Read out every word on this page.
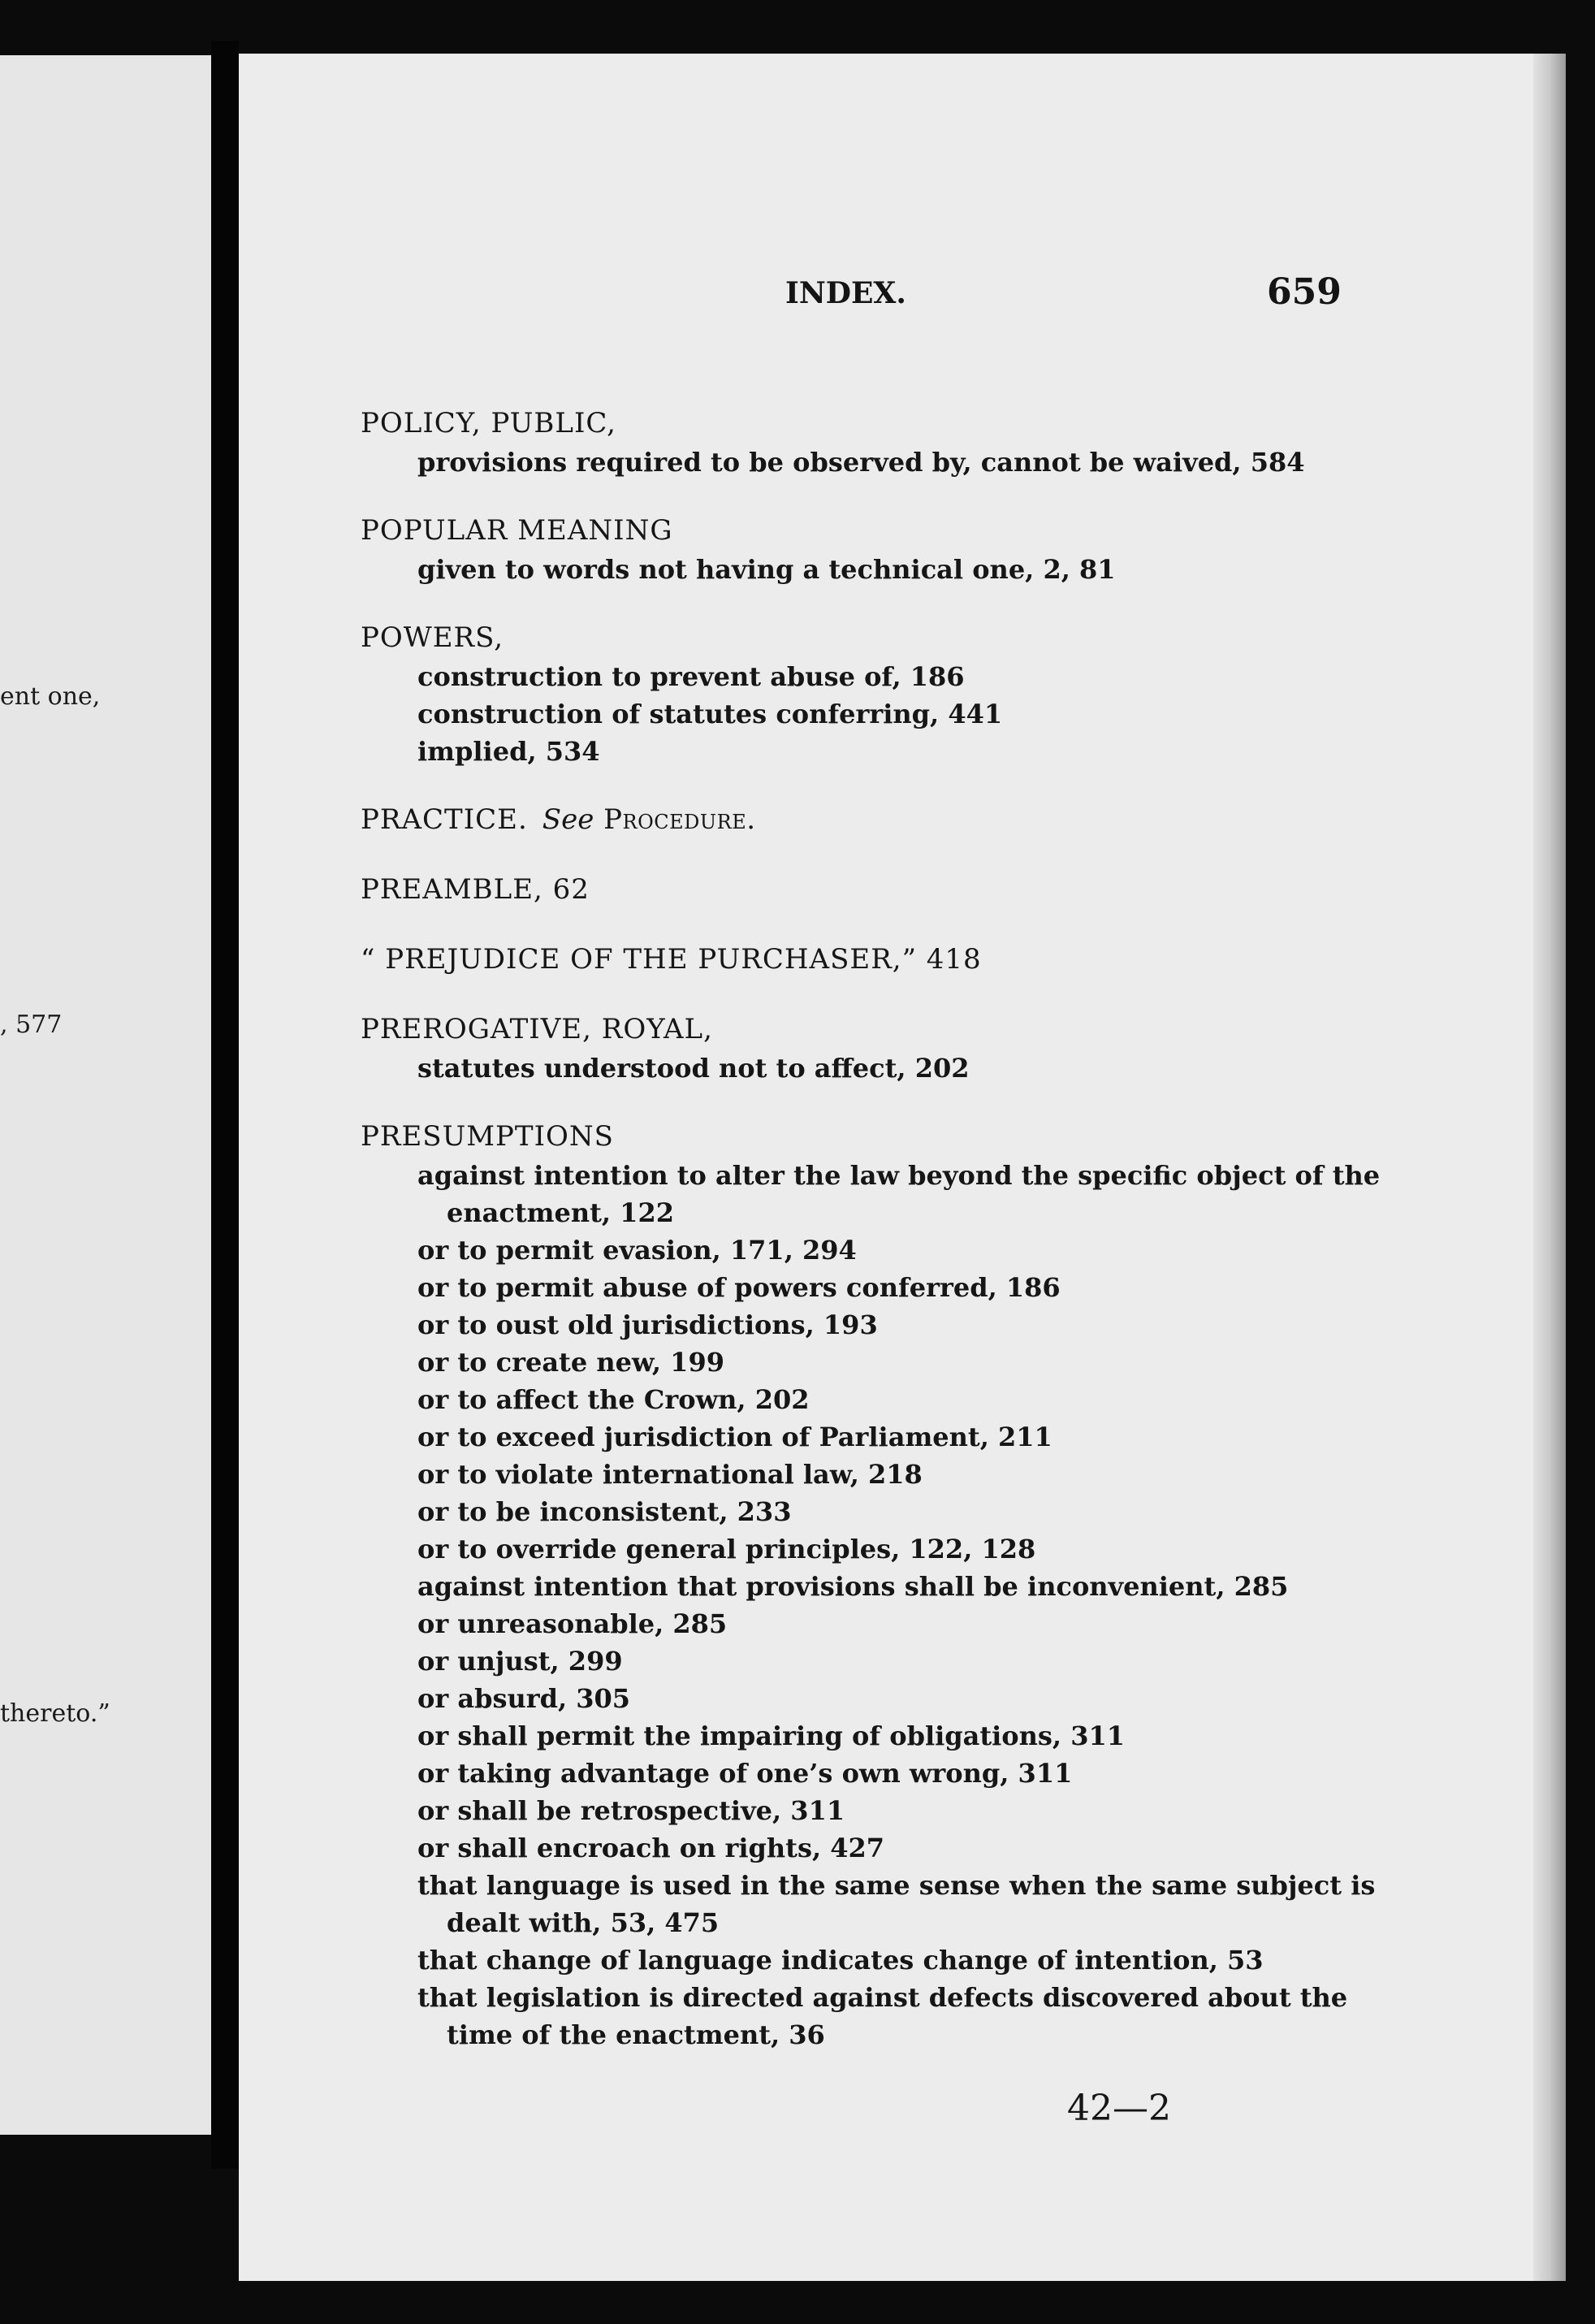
ent one,
, 577
thereto.”
INDEX.	659
POLICY, PUBLIC,
provisions required to be observed by, cannot be waived, 584
POPULAR MEANING
given to words not having a technical one, 2, 81
POWERS,
construction to prevent abuse of, 186
construction of statutes conferring, 441
implied, 534
PRACTICE. See Procedure.
PREAMBLE, 62
“ PREJUDICE OF THE PURCHASER,” 418
PREROGATIVE, ROYAL,
statutes understood not to affect, 202
PRESUMPTIONS
against intention to alter the law beyond the specific object of the
enactment, 122
or to permit evasion, 171, 294
or to permit abuse of powers conferred, 186
or to oust old jurisdictions, 193
or to create new, 199
or to affect the Crown, 202
or to exceed jurisdiction of Parliament, 211
or to violate international law, 218
or to be inconsistent, 233
or to override general principles, 122, 128
against intention that provisions shall be inconvenient, 285
or unreasonable, 285
or unjust, 299
or absurd, 305
or shall permit the impairing of obligations, 311
or taking advantage of one’s own wrong, 311
or shall be retrospective, 311
or shall encroach on rights, 427
that language is used in the same sense when the same subject is
dealt with, 53, 475
that change of language indicates change of intention, 53
that legislation is directed against defects discovered about the
time of the enactment, 36
42—2
